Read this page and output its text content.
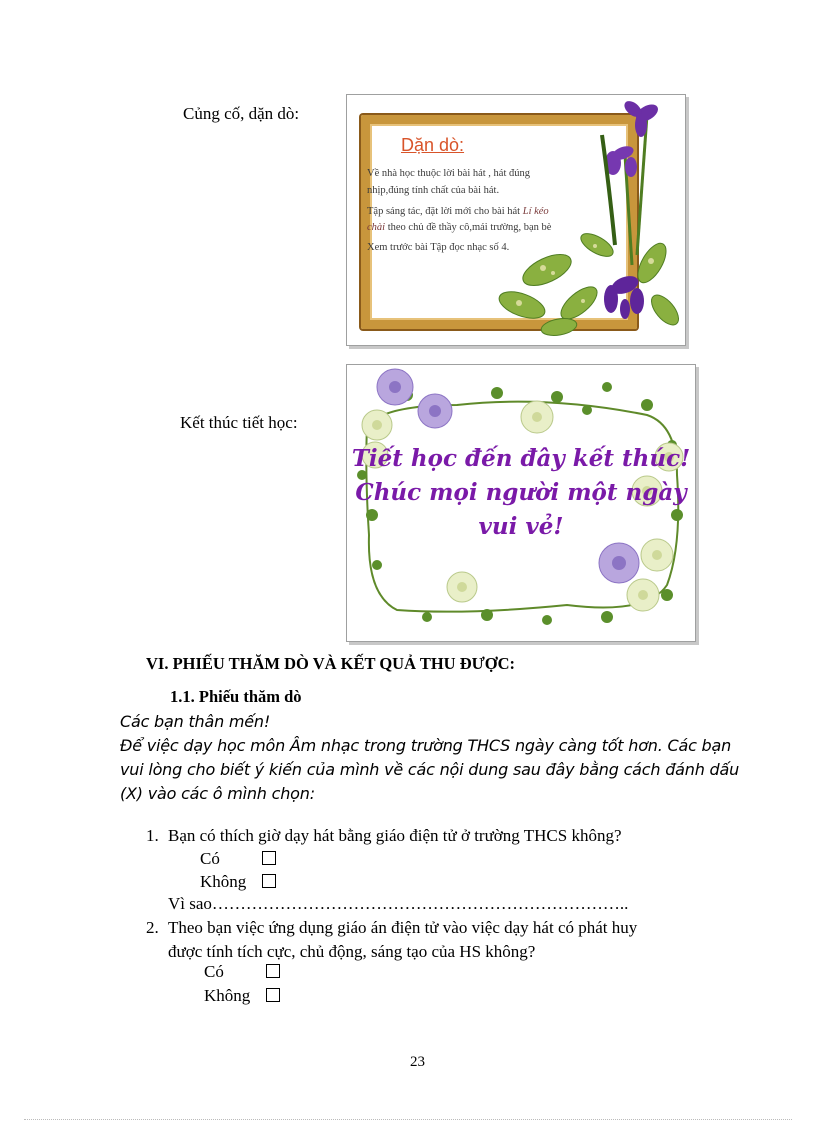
Củng cố, dặn dò:
Kết thúc tiết học:
Dặn dò:
Về nhà học thuộc lời bài hát , hát đúng
nhịp,đúng tính chất của bài hát.
Tập sáng tác, đặt lời mới cho bài hát Lí kéo
chài theo chủ đề thầy cô,mái trường, bạn bè
Xem trước bài Tập đọc nhạc số 4.
Tiết học đến đây kết thúc!
Chúc mọi người một ngày
vui vẻ!
VI. PHIẾU THĂM DÒ VÀ KẾT QUẢ THU ĐƯỢC:
1.1. Phiếu thăm dò
Các bạn thân mến!
Để việc dạy học môn Âm nhạc trong trường THCS ngày càng tốt hơn. Các bạn
vui lòng cho biết ý kiến của mình về các nội dung sau đây bằng cách đánh dấu
(X) vào các ô mình chọn:
1. Bạn có thích giờ dạy hát bằng giáo điện tử ở trường THCS không?
Có
Không
Vì sao………………………………………………………………..
2. Theo bạn việc ứng dụng giáo án điện tử vào việc dạy hát có phát huy
được tính tích cực, chủ động, sáng tạo của HS không?
Có
Không
23
